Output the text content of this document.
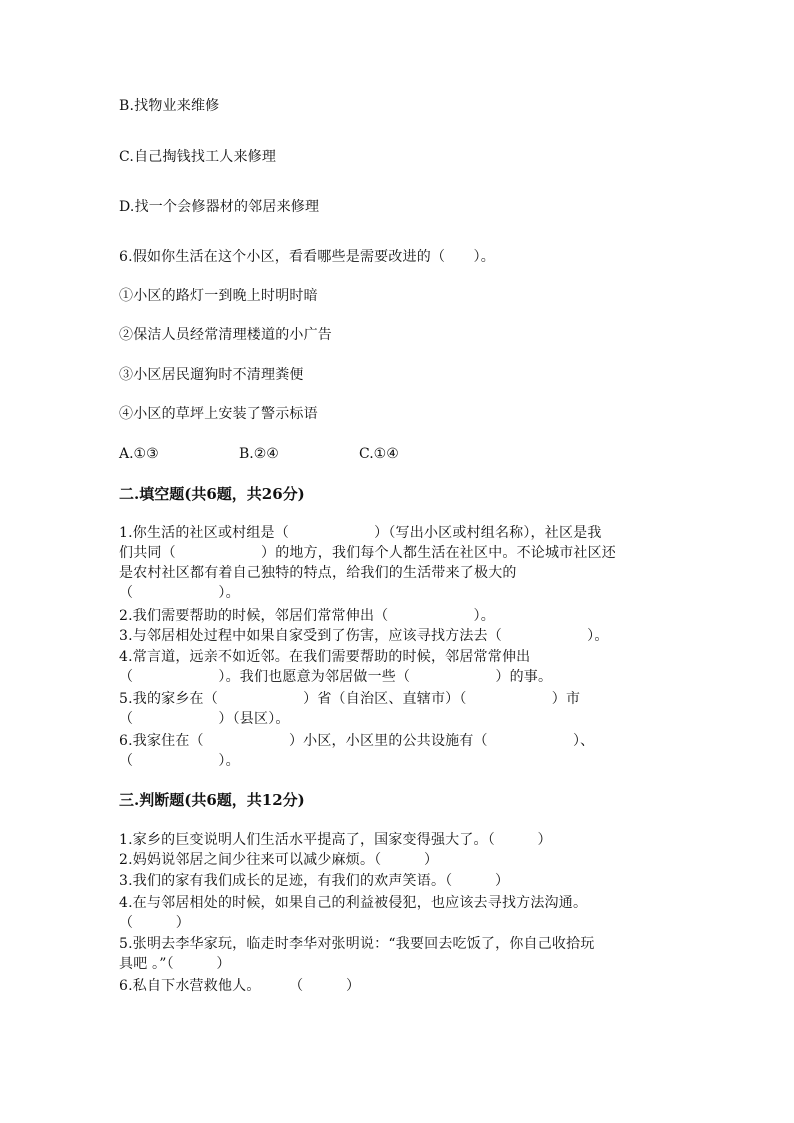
B.找物业来维修
C.自己掏钱找工人来修理
D.找一个会修器材的邻居来修理
6.假如你生活在这个小区，看看哪些是需要改进的（　　）。
①小区的路灯一到晚上时明时暗
②保洁人员经常清理楼道的小广告
③小区居民遛狗时不清理粪便
④小区的草坪上安装了警示标语
A.①③	B.②④	C.①④
二.填空题(共6题，共26分)
1.你生活的社区或村组是（　　　　　　）（写出小区或村组名称），社区是我
们共同（　　　　　　）的地方，我们每个人都生活在社区中。不论城市社区还
是农村社区都有着自己独特的特点，给我们的生活带来了极大的
（　　　　　　）。
2.我们需要帮助的时候，邻居们常常伸出（　　　　　　）。
3.与邻居相处过程中如果自家受到了伤害，应该寻找方法去（　　　　　　）。
4.常言道，远亲不如近邻。在我们需要帮助的时候，邻居常常伸出
（　　　　　　）。我们也愿意为邻居做一些（　　　　　　）的事。
5.我的家乡在（　　　　　　）省（自治区、直辖市）（　　　　　　）市
（　　　　　　）（县区）。
6.我家住在（　　　　　　）小区，小区里的公共设施有（　　　　　　）、
（　　　　　　）。
三.判断题(共6题，共12分)
1.家乡的巨变说明人们生活水平提高了，国家变得强大了。（　　　）
2.妈妈说邻居之间少往来可以减少麻烦。（　　　）
3.我们的家有我们成长的足迹，有我们的欢声笑语。（　　　）
4.在与邻居相处的时候，如果自己的利益被侵犯，也应该去寻找方法沟通。
（　　　）
5.张明去李华家玩，临走时李华对张明说：“我要回去吃饭了，你自己收拾玩
具吧 。”（　　　）
6.私自下水营救他人。　　　（　　　）
